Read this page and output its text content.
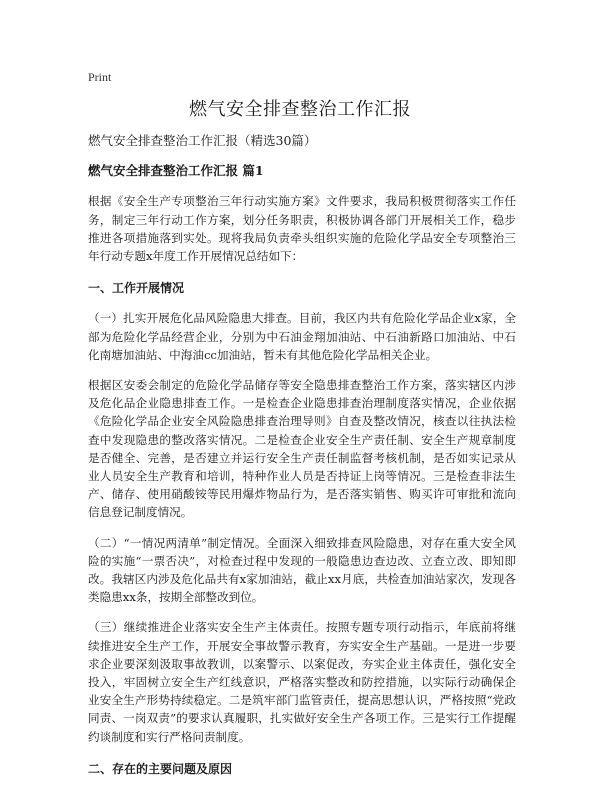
Print
燃气安全排查整治工作汇报

燃气安全排查整治工作汇报（精选30篇）

燃气安全排查整治工作汇报 篇1

根据《安全生产专项整治三年行动实施方案》文件要求，我局积极贯彻落实工作任务，制定三年行动工作方案，划分任务职责，积极协调各部门开展相关工作，稳步推进各项措施落到实处。现将我局负责牵头组织实施的危险化学品安全专项整治三年行动专题x年度工作开展情况总结如下：

一、工作开展情况

（一）扎实开展危化品风险隐患大排查。目前，我区内共有危险化学品企业x家，全部为危险化学品经营企业，分别为中石油金翔加油站、中石油新路口加油站、中石化南塘加油站、中海油cc加油站，暂未有其他危险化学品相关企业。

根据区安委会制定的危险化学品储存等安全隐患排查整治工作方案，落实辖区内涉及危化品企业隐患排查工作。一是检查企业隐患排查治理制度落实情况，企业依据《危险化学品企业安全风险隐患排查治理导则》自查及整改情况，核查以往执法检查中发现隐患的整改落实情况。二是检查企业安全生产责任制、安全生产规章制度是否健全、完善，是否建立并运行安全生产责任制监督考核机制，是否如实记录从业人员安全生产教育和培训，特种作业人员是否持证上岗等情况。三是检查非法生产、储存、使用硝酸铵等民用爆炸物品行为，是否落实销售、购买许可审批和流向信息登记制度情况。

（二）“一情况两清单”制定情况。全面深入细致排查风险隐患，对存在重大安全风险的实施“一票否决”，对检查过程中发现的一般隐患边查边改、立查立改、即知即改。我辖区内涉及危化品共有x家加油站，截止xx月底，共检查加油站家次，发现各类隐患xx条，按期全部整改到位。

（三）继续推进企业落实安全生产主体责任。按照专题专项行动指示，年底前将继续推进安全生产工作，开展安全事故警示教育，夯实安全生产基础。一是进一步要求企业要深刻汲取事故教训，以案警示、以案促改，夯实企业主体责任，强化安全投入，牢固树立安全生产红线意识，严格落实整改和防控措施，以实际行动确保企业安全生产形势持续稳定。二是筑牢部门监管责任，提高思想认识，严格按照“党政同责、一岗双责”的要求认真履职，扎实做好安全生产各项工作。三是实行工作提醒约谈制度和实行严格问责制度。

二、存在的主要问题及原因
